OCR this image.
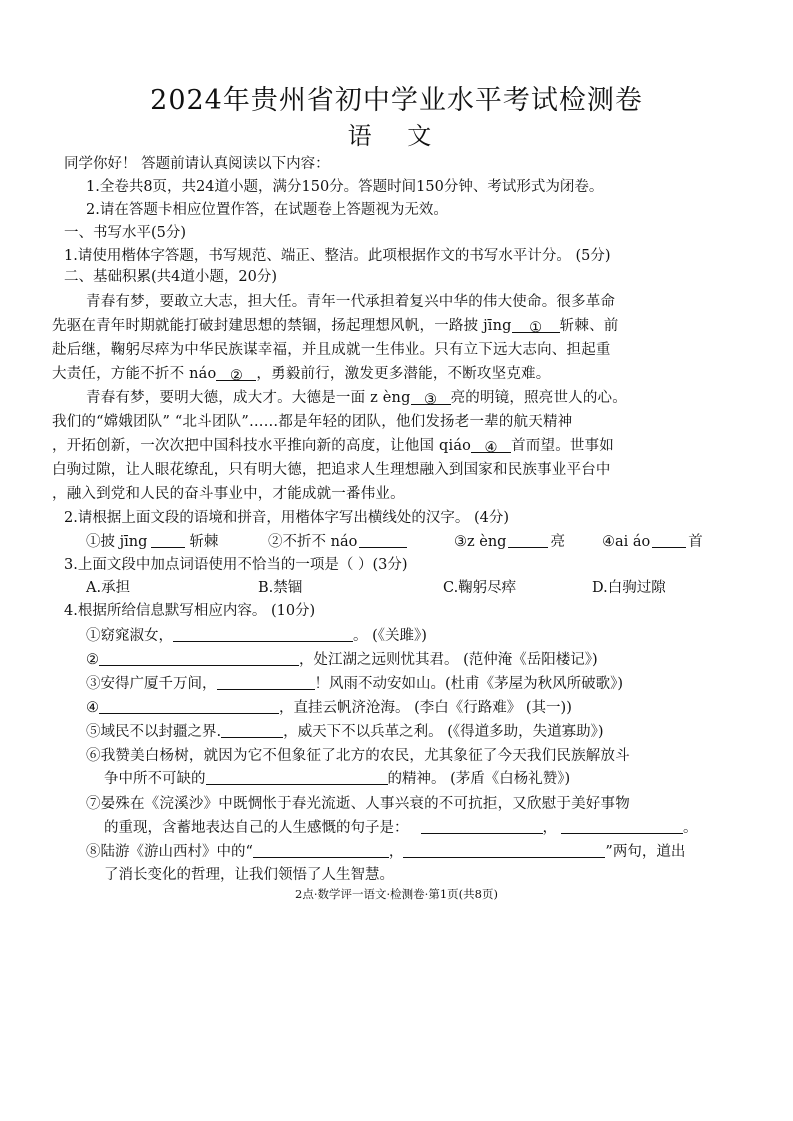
2024年贵州省初中学业水平考试检测卷
语 文
同学你好！ 答题前请认真阅读以下内容：
1.全卷共8页，共24道小题，满分150分。答题时间150分钟、考试形式为闭卷。
2.请在答题卡相应位置作答，在试题卷上答题视为无效。
一、书写水平(5分)
1.请使用楷体字答题，书写规范、端正、整洁。此项根据作文的书写水平计分。 (5分)
二、基础积累(共4道小题，20分)
青春有梦，要敢立大志，担大任。青年一代承担着复兴中华的伟大使命。很多革命
先驱在青年时期就能打破封建思想的禁锢，扬起理想风帆，一路披 jīng ① 斩棘、前
赴后继，鞠躬尽瘁为中华民族谋幸福，并且成就一生伟业。只有立下远大志向、担起重
大责任，方能不折不 náo ② ，勇毅前行，激发更多潜能，不断攻坚克难。
青春有梦，要明大德，成大才。大德是一面 z èng ③ 亮的明镜，照亮世人的心。
我们的“嫦娥团队” “北斗团队”……都是年轻的团队，他们发扬老一辈的航天精神
，开拓创新，一次次把中国科技水平推向新的高度，让他国 qiáo ④ 首而望。世事如
白驹过隙，让人眼花缭乱，只有明大德，把追求人生理想融入到国家和民族事业平台中
，融入到党和人民的奋斗事业中，才能成就一番伟业。
2.请根据上面文段的语境和拼音，用楷体字写出横线处的汉字。 (4分)
①披 jīng	斩棘	②不折不 náo	③z èng	亮	④ai áo	首
3.上面文段中加点词语使用不恰当的一项是（ ）(3分)
A.承担	B.禁锢	C.鞠躬尽瘁	D.白驹过隙
4.根据所给信息默写相应内容。 (10分)
①窈窕淑女，	。 (《关雎》)
②	，处江湖之远则忧其君。 (范仲淹《岳阳楼记》)
③安得广厦千万间，	！风雨不动安如山。(杜甫《茅屋为秋风所破歌》)
④	，直挂云帆济沧海。 (李白《行路难》 (其一))
⑤域民不以封疆之界.	，威天下不以兵革之利。 (《得道多助，失道寡助》)
⑥我赞美白杨树，就因为它不但象征了北方的农民，尤其象征了今天我们民族解放斗
争中所不可缺的	的精神。 (茅盾《白杨礼赞》)
⑦晏殊在《浣溪沙》中既惆怅于春光流逝、人事兴衰的不可抗拒，又欣慰于美好事物
的重现，含蓄地表达自己的人生感慨的句子是：	，	。
⑧陆游《游山西村》中的“	，	”两句，道出
了消长变化的哲理，让我们领悟了人生智慧。
2点·数学评一语文·检测卷·第1页(共8页)
